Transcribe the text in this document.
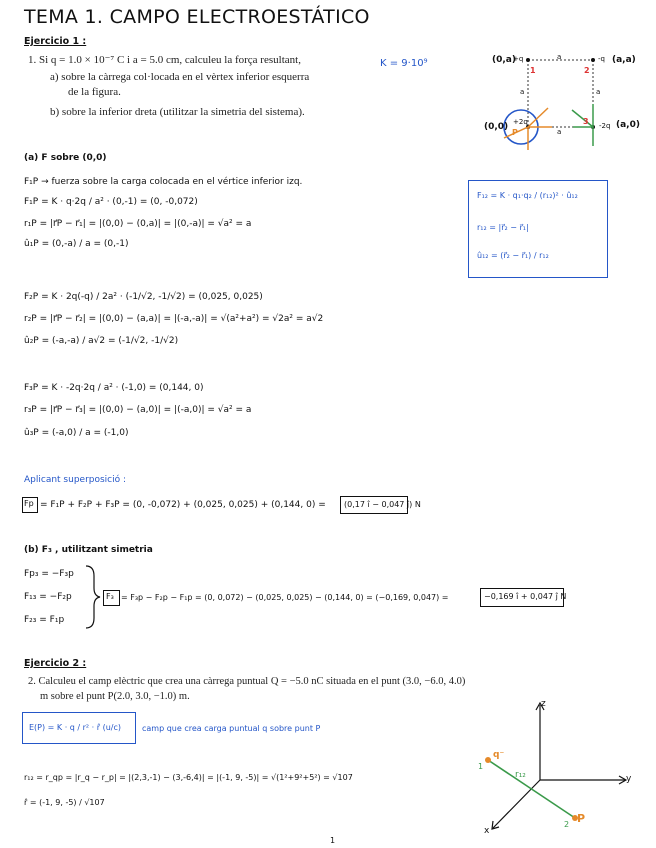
TEMA 1. CAMPO ELECTROESTÁTICO
Ejercicio 1 :
1. Si q = 1.0 × 10⁻⁷ C i a = 5.0 cm, calculeu la força resultant,
a) sobre la càrrega col·locada en el vèrtex inferior esquerra
de la figura.
b) sobre la inferior dreta (utilitzar la simetria del sistema).
K = 9·10⁹	(0,a)
+q	-q (a,a)
(0,0) +2q	-2q (a,0)
a
a	a
a
1	2
3
P
(a) F sobre (0,0)
F₁P → fuerza sobre la carga colocada en el vértice inferior izq.
F₁P = K · q·2q / a² · (0,-1) = (0, -0,072)
r₁P = |r⃗P − r⃗₁| = |(0,0) − (0,a)| = |(0,-a)| = √a² = a
û₁P = (0,-a) / a = (0,-1)
F₁₂ = K · q₁·q₂ / (r₁₂)² · û₁₂
r₁₂ = |r⃗₂ − r⃗₁|
û₁₂ = (r⃗₂ − r⃗₁) / r₁₂
F₂P = K · 2q(-q) / 2a² · (-1/√2, -1/√2) = (0,025, 0,025)
r₂P = |r⃗P − r⃗₂| = |(0,0) − (a,a)| = |(-a,-a)| = √(a²+a²) = √2a² = a√2
û₂P = (-a,-a) / a√2 = (-1/√2, -1/√2)
F₃P = K · -2q·2q / a² · (-1,0) = (0,144, 0)
r₃P = |r⃗P − r⃗₃| = |(0,0) − (a,0)| = |(-a,0)| = √a² = a
û₃P = (-a,0) / a = (-1,0)
Aplicant superposició :
Fp = F₁P + F₂P + F₃P = (0, -0,072) + (0,025, 0,025) + (0,144, 0) = (0,17 î − 0,047 ĵ) N
(b) F₃ , utilitzant simetria
Fp₃ = −F₃p
F₁₃ = −F₂p
F₂₃ = F₁p
F₃ = F₃p − F₂p − F₁p = (0, 0,072) − (0,025, 0,025) − (0,144, 0) = (−0,169, 0,047) =	−0,169 î + 0,047 ĵ N
Ejercicio 2 :
2. Calculeu el camp elèctric que crea una càrrega puntual Q = −5.0 nC situada en el punt (3.0, −6.0, 4.0)
m sobre el punt P(2.0, 3.0, −1.0) m.
E(P) = K · q / r² · r̂ (u/c)	camp que crea carga puntual q sobre punt P
r₁₂ = r_qp = |r_q − r_p| = |(2,3,-1) − (3,-6,4)| = |(-1, 9, -5)| = √(1²+9²+5²) = √107
r̂ = (-1, 9, -5) / √107
z
y
x
q⁻
P
r₁₂
1
2
1
